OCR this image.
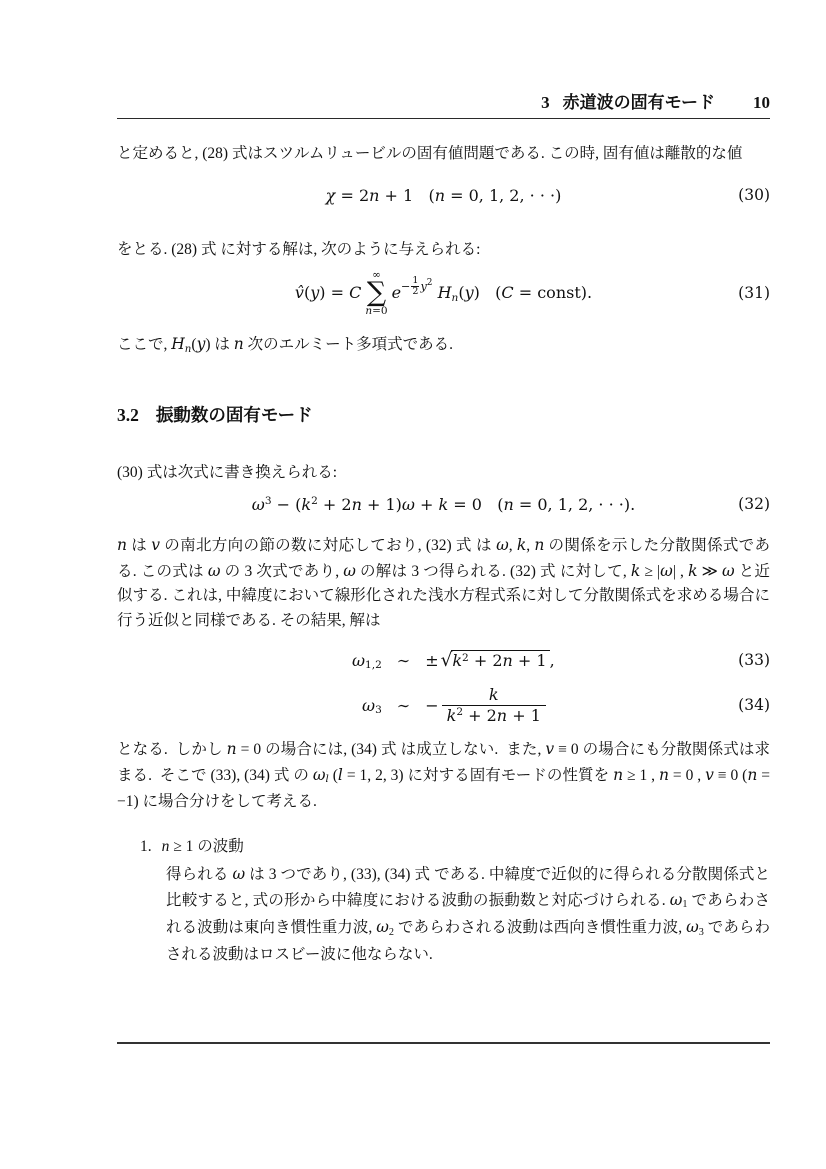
3 赤道波の固有モード 10

と定めると, (28) 式はスツルムリュービルの固有値問題である. この時, 固有値は離散的な値

χ = 2n + 1   (n = 0, 1, 2, · · ·)	(30)

をとる. (28) 式 に対する解は, 次のように与えられる:

v̂(y) = C
∞
∑
n=0
$e - \frac{1}{2}$ y 2
Hn(y)   (C = const).	(31)

ここで, Hn(y) は n 次のエルミート多項式である.

3.2 振動数の固有モード

(30) 式は次式に書き換えられる:

$\omega^3 - (k^2 + 2n + 1)\omega + k = 0$   (n = 0, 1, 2, · · ·).	(32)

n は v の南北方向の節の数に対応しており, (32) 式 は ω, k, n の関係を示した分散関係式である. この式は ω の 3 次式であり, ω の解は 3 つ得られる. (32) 式 に対して, k ≥ |ω| , k ≫ ω と近似する. これは, 中緯度において線形化された浅水方程式系に対して分散関係式を求める場合に行う近似と同様である. その結果, 解は

ω1,2 ∼ ± √ $k^2 + 2n + 1$ ,	(33)
ω3 ∼ − $\frac{k}{k^2 + 2n + 1}$	(34)

となる.  しかし n = 0 の場合には, (34) 式 は成立しない.  また, v ≡ 0 の場合にも分散関係式は求まる.  そこで (33), (34) 式 の ωl (l = 1, 2, 3) に対する固有モードの性質を n ≥ 1 , n = 0 , v ≡ 0 (n = −1) に場合分けをして考える.

1. n ≥ 1 の波動

得られる ω は 3 つであり, (33), (34) 式 である. 中緯度で近似的に得られる分散関係式と比較すると, 式の形から中緯度における波動の振動数と対応づけられる. ω1 であらわされる波動は東向き慣性重力波, ω2 であらわされる波動は西向き慣性重力波, ω3 であらわされる波動はロスビー波に他ならない.
